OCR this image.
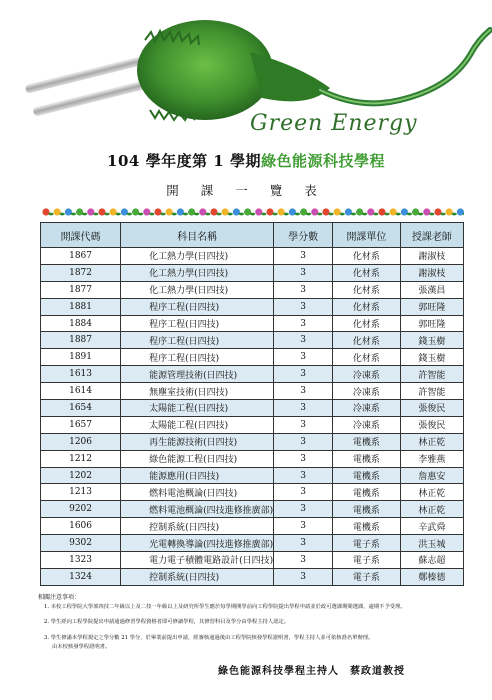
Green Energy
104 學年度第 1 學期綠色能源科技學程
開 課 一 覽 表
開課代碼	科目名稱	學分數	開課單位	授課老師
1867	化工熱力學(日四技)	3	化材系	謝淑枝
1872	化工熱力學(日四技)	3	化材系	謝淑枝
1877	化工熱力學(日四技)	3	化材系	張漢昌
1881	程序工程(日四技)	3	化材系	郭旺隆
1884	程序工程(日四技)	3	化材系	郭旺隆
1887	程序工程(日四技)	3	化材系	錢玉樹
1891	程序工程(日四技)	3	化材系	錢玉樹
1613	能源管理技術(日四技)	3	冷凍系	許智能
1614	無塵室技術(日四技)	3	冷凍系	許智能
1654	太陽能工程(日四技)	3	冷凍系	張俊民
1657	太陽能工程(日四技)	3	冷凍系	張俊民
1206	再生能源技術(日四技)	3	電機系	林正乾
1212	綠色能源工程(日四技)	3	電機系	李雅燕
1202	能源應用(日四技)	3	電機系	詹惠安
1213	燃料電池概論(日四技)	3	電機系	林正乾
9202	燃料電池概論(四技進修推廣部)	3	電機系	林正乾
1606	控制系統(日四技)	3	電機系	辛武舜
9302	光電轉換導論(四技進修推廣部)	3	電子系	洪玉城
1323	電力電子積體電路設計(日四技)	3	電子系	蘇志超
1324	控制系統(日四技)	3	電子系	鄭榛德
相關注意事項：
1. 本校工程學院大學部四技二年級以上及二技一年級以上及研究所學生應於每學期開學前向工程學院提出學程申請並於政可選課期間選課，逾期不予受理。
2. 學生經向工程學院提出申請通過修習學程資格者即可修讀學程，其修習科目及學分由學程主持人認定。
3. 學生修滿本學程規定之學分數 21 學分，於畢業前提出申請，經審核通過後由工程學院核發學程證明書，學程主持人並可依核准名單辦理。
由本校核發學程證明書。
綠色能源科技學程主持人　蔡政道教授
